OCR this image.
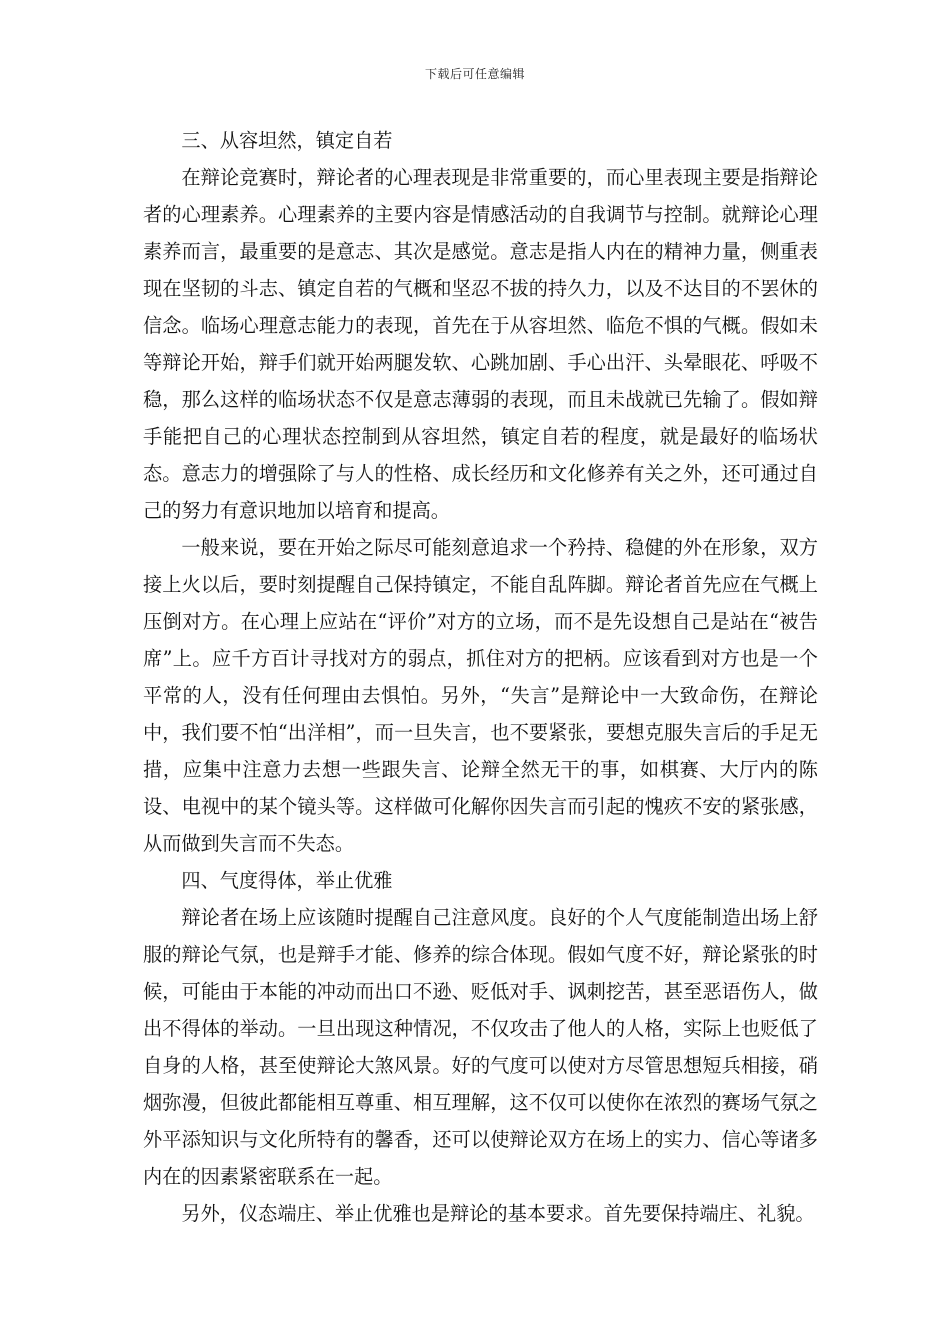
下载后可任意编辑

三、从容坦然，镇定自若

在辩论竞赛时，辩论者的心理表现是非常重要的，而心里表现主要是指辩论者的心理素养。心理素养的主要内容是情感活动的自我调节与控制。就辩论心理素养而言，最重要的是意志、其次是感觉。意志是指人内在的精神力量，侧重表现在坚韧的斗志、镇定自若的气概和坚忍不拔的持久力，以及不达目的不罢休的信念。临场心理意志能力的表现，首先在于从容坦然、临危不惧的气概。假如未等辩论开始，辩手们就开始两腿发软、心跳加剧、手心出汗、头晕眼花、呼吸不稳，那么这样的临场状态不仅是意志薄弱的表现，而且未战就已先输了。假如辩手能把自己的心理状态控制到从容坦然，镇定自若的程度，就是最好的临场状态。意志力的增强除了与人的性格、成长经历和文化修养有关之外，还可通过自己的努力有意识地加以培育和提高。

一般来说，要在开始之际尽可能刻意追求一个矜持、稳健的外在形象，双方接上火以后，要时刻提醒自己保持镇定，不能自乱阵脚。辩论者首先应在气概上压倒对方。在心理上应站在“评价”对方的立场，而不是先设想自己是站在“被告席”上。应千方百计寻找对方的弱点，抓住对方的把柄。应该看到对方也是一个平常的人，没有任何理由去惧怕。另外，“失言”是辩论中一大致命伤，在辩论中，我们要不怕“出洋相”，而一旦失言，也不要紧张，要想克服失言后的手足无措，应集中注意力去想一些跟失言、论辩全然无干的事，如棋赛、大厅内的陈设、电视中的某个镜头等。这样做可化解你因失言而引起的愧疚不安的紧张感，从而做到失言而不失态。

四、气度得体，举止优雅

辩论者在场上应该随时提醒自己注意风度。良好的个人气度能制造出场上舒服的辩论气氛，也是辩手才能、修养的综合体现。假如气度不好，辩论紧张的时候，可能由于本能的冲动而出口不逊、贬低对手、讽刺挖苦，甚至恶语伤人，做出不得体的举动。一旦出现这种情况，不仅攻击了他人的人格，实际上也贬低了自身的人格，甚至使辩论大煞风景。好的气度可以使对方尽管思想短兵相接，硝烟弥漫，但彼此都能相互尊重、相互理解，这不仅可以使你在浓烈的赛场气氛之外平添知识与文化所特有的馨香，还可以使辩论双方在场上的实力、信心等诸多内在的因素紧密联系在一起。

另外，仪态端庄、举止优雅也是辩论的基本要求。首先要保持端庄、礼貌。
